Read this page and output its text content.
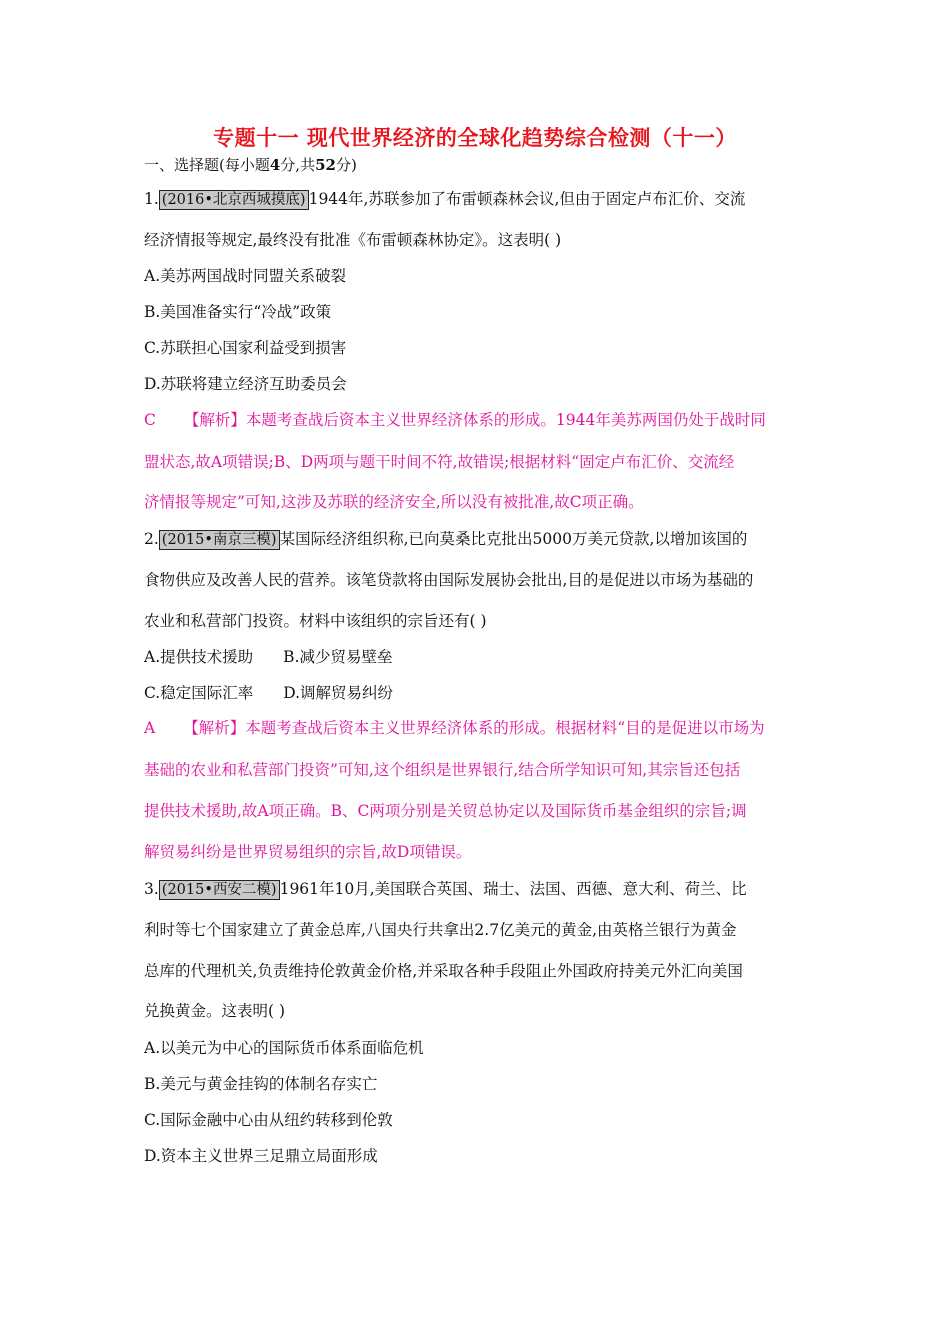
专题十一 现代世界经济的全球化趋势综合检测（十一）
一、选择题(每小题4分,共52分)
1. (2016•北京西城摸底) 1944年,苏联参加了布雷顿森林会议,但由于固定卢布汇价、交流
经济情报等规定,最终没有批准《布雷顿森林协定》。这表明( )
A.美苏两国战时同盟关系破裂
B.美国准备实行“冷战”政策
C.苏联担心国家利益受到损害
D.苏联将建立经济互助委员会
C 【解析】本题考查战后资本主义世界经济体系的形成。1944年美苏两国仍处于战时同
盟状态,故A项错误;B、D两项与题干时间不符,故错误;根据材料“固定卢布汇价、交流经
济情报等规定”可知,这涉及苏联的经济安全,所以没有被批准,故C项正确。
2. (2015•南京三模) 某国际经济组织称,已向莫桑比克批出5000万美元贷款,以增加该国的
食物供应及改善人民的营养。该笔贷款将由国际发展协会批出,目的是促进以市场为基础的
农业和私营部门投资。材料中该组织的宗旨还有( )
A.提供技术援助 B.减少贸易壁垒
C.稳定国际汇率 D.调解贸易纠纷
A 【解析】本题考查战后资本主义世界经济体系的形成。根据材料“目的是促进以市场为
基础的农业和私营部门投资”可知,这个组织是世界银行,结合所学知识可知,其宗旨还包括
提供技术援助,故A项正确。B、C两项分别是关贸总协定以及国际货币基金组织的宗旨;调
解贸易纠纷是世界贸易组织的宗旨,故D项错误。
3. (2015•西安二模) 1961年10月,美国联合英国、瑞士、法国、西德、意大利、荷兰、比
利时等七个国家建立了黄金总库,八国央行共拿出2.7亿美元的黄金,由英格兰银行为黄金
总库的代理机关,负责维持伦敦黄金价格,并采取各种手段阻止外国政府持美元外汇向美国
兑换黄金。这表明( )
A.以美元为中心的国际货币体系面临危机
B.美元与黄金挂钩的体制名存实亡
C.国际金融中心由从纽约转移到伦敦
D.资本主义世界三足鼎立局面形成
